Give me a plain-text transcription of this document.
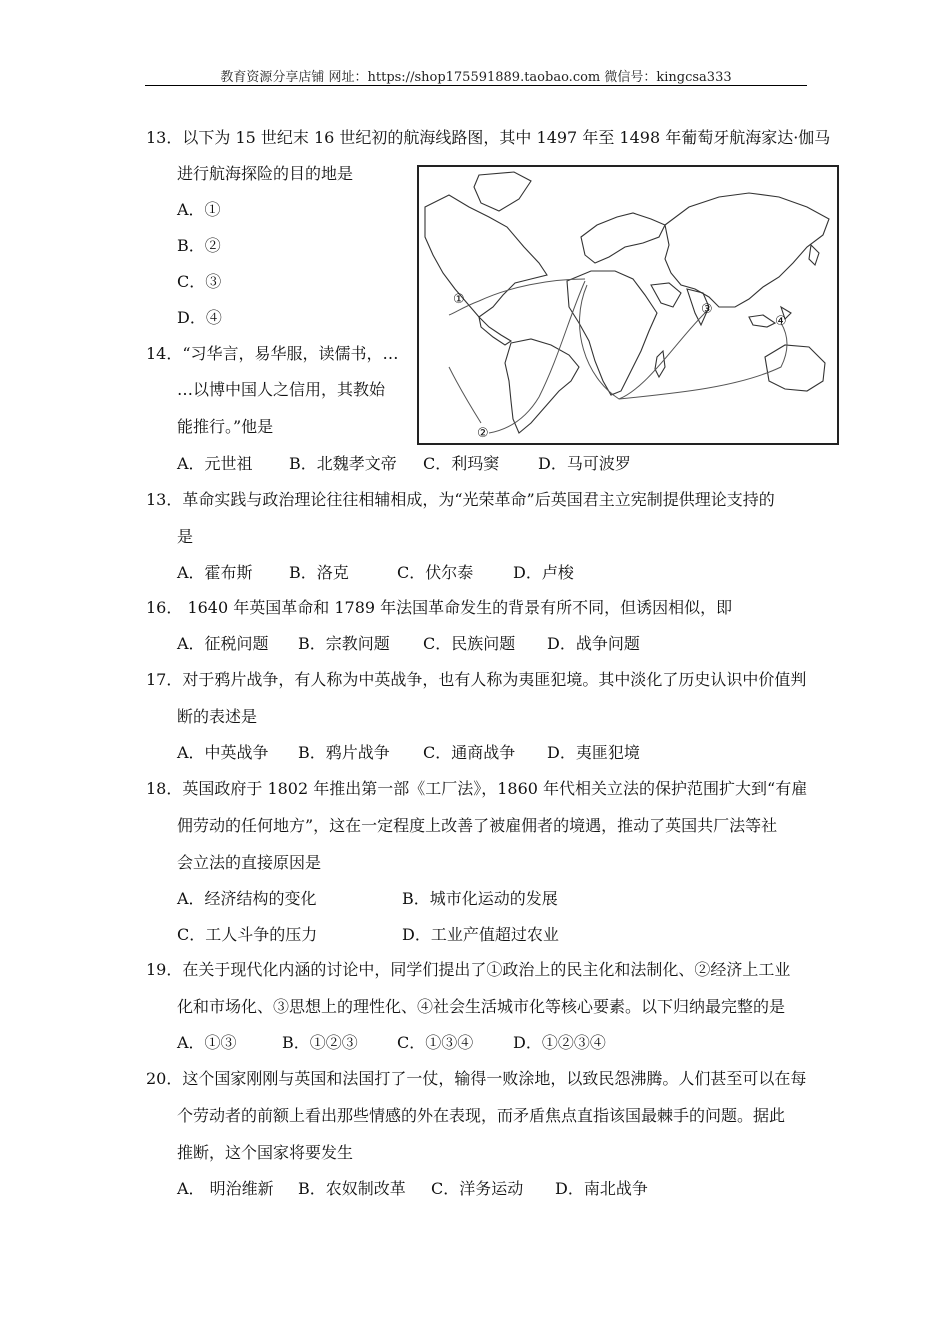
教育资源分享店铺 网址：https://shop175591889.taobao.com 微信号：kingcsa333
13．以下为 15 世纪末 16 世纪初的航海线路图，其中 1497 年至 1498 年葡萄牙航海家达·伽马
进行航海探险的目的地是
A．①
B．②
C．③
D．④
14．“习华言，易华服，读儒书，…
…以博中国人之信用，其教始
能推行。”他是
A．元世祖 B．北魏孝文帝 C．利玛窦 D．马可波罗
13．革命实践与政治理论往往相辅相成，为“光荣革命”后英国君主立宪制提供理论支持的
是
A．霍布斯 B．洛克	C．伏尔泰 D．卢梭
16． 1640 年英国革命和 1789 年法国革命发生的背景有所不同，但诱因相似，即
A．征税问题 B．宗教问题 C．民族问题 D．战争问题
17．对于鸦片战争，有人称为中英战争，也有人称为夷匪犯境。其中淡化了历史认识中价值判
断的表述是
A．中英战争 B．鸦片战争 C．通商战争 D．夷匪犯境
18．英国政府于 1802 年推出第一部《工厂法》，1860 年代相关立法的保护范围扩大到“有雇
佣劳动的任何地方”，这在一定程度上改善了被雇佣者的境遇，推动了英国共厂法等社
会立法的直接原因是
A．经济结构的变化	B．城市化运动的发展
C．工人斗争的压力	D．工业产值超过农业
19．在关于现代化内涵的讨论中，同学们提出了①政治上的民主化和法制化、②经济上工业
化和市场化、③思想上的理性化、④社会生活城市化等核心要素。以下归纳最完整的是
A．①③	B．①②③ C．①③④ D．①②③④
20．这个国家刚刚与英国和法国打了一仗，输得一败涂地，以致民怨沸腾。人们甚至可以在每
个劳动者的前额上看出那些情感的外在表现，而矛盾焦点直指该国最棘手的问题。据此
推断，这个国家将要发生
A． 明治维新 B．农奴制改革 C．洋务运动 D．南北战争
①
②
③
④
